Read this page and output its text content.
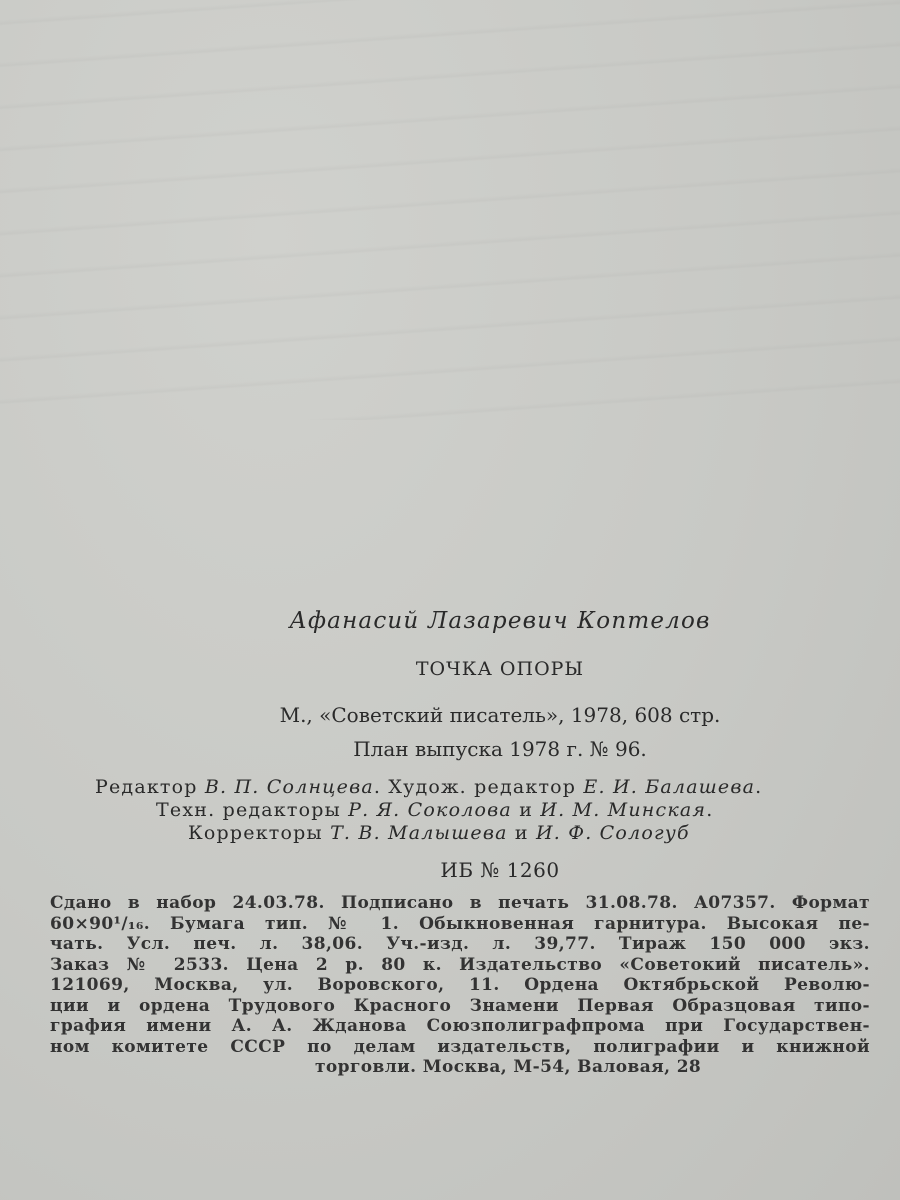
Афанасий Лазаревич Коптелов
ТОЧКА ОПОРЫ
М., «Советский писатель», 1978, 608 стр.
План выпуска 1978 г. № 96.
Редактор В. П. Солнцева. Худож. редактор Е. И. Балашева.
Техн. редакторы Р. Я. Соколова и И. М. Минская.
Корректоры Т. В. Малышева и И. Ф. Сологуб
ИБ № 1260
Сдано в набор 24.03.78. Подписано в печать 31.08.78. А07357. Формат
60×90¹/₁₆. Бумага тип. № 1. Обыкновенная гарнитура. Высокая пе-
чать. Усл. печ. л. 38,06. Уч.-изд. л. 39,77. Тираж 150 000 экз.
Заказ № 2533. Цена 2 р. 80 к. Издательство «Советокий писатель».
121069, Москва, ул. Воровского, 11. Ордена Октябрьской Револю-
ции и ордена Трудового Красного Знамени Первая Образцовая типо-
графия имени А. А. Жданова Союзполиграфпрома при Государствен-
ном комитете СССР по делам издательств, полиграфии и книжной
торговли. Москва, М-54, Валовая, 28
